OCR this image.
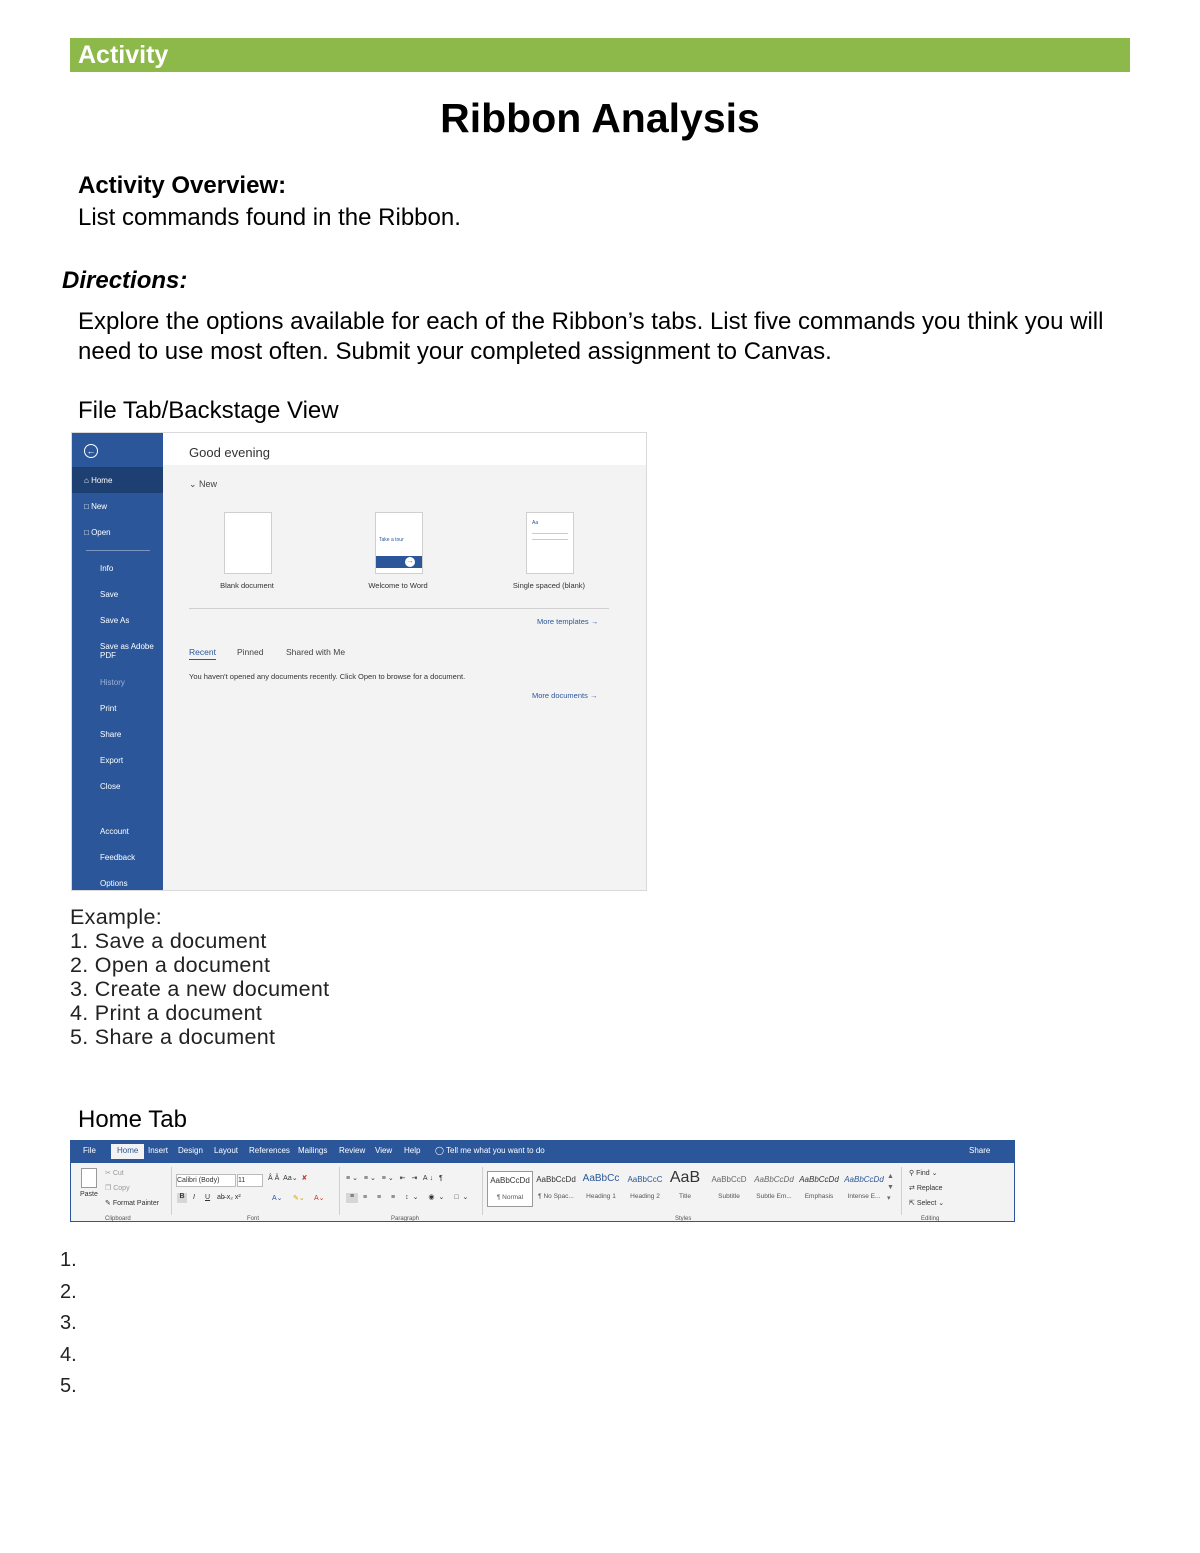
Activity
Ribbon Analysis
Activity Overview:
List commands found in the Ribbon.
Directions:
Explore the options available for each of the Ribbon’s tabs. List five commands you think you will need to use most often. Submit your completed assignment to Canvas.
File Tab/Backstage View
←
⌂ Home
□ New
□ Open
Info
Save
Save As
Save as Adobe PDF
History
Print
Share
Export
Close
Account
Feedback
Options
Good evening
⌄ New
Take a tour
→
Aa
Blank document	Welcome to Word	Single spaced (blank)
More templates →
Recent Pinned	Shared with Me
You haven't opened any documents recently. Click Open to browse for a document.
More documents →
Example:
1. Save a document
2. Open a document
3. Create a new document
4. Print a document
5. Share a document
Home Tab
File	Home	Insert Design Layout References Mailings Review View Help ◯ Tell me what you want to do	Share
Paste
✂ Cut
❐ Copy
✎ Format Painter
Clipboard
Calibri (Body)	11	Â Ǎ  Aa⌄  ✘
B	I U ab̶ x₂ x²	A⌄ ✎⌄ A⌄
Font
≡⌄ ≡⌄ ≡⌄ ⇤ ⇥ A↓ ¶
≡	≡ ≡ ≡ ↕⌄ ◉⌄ □⌄
Paragraph
AaBbCcDd
¶ Normal
AaBbCcDd
¶ No Spac...
AaBbCc
Heading 1
AaBbCcC
Heading 2
AaB
Title
AaBbCcD
Subtitle
AaBbCcDd
Subtle Em...
AaBbCcDd
Emphasis
AaBbCcDd
Intense E...
▲
▼
▾
Styles
⚲ Find ⌄
⇄ Replace
⇱ Select ⌄
Editing
1.
2.
3.
4.
5.
